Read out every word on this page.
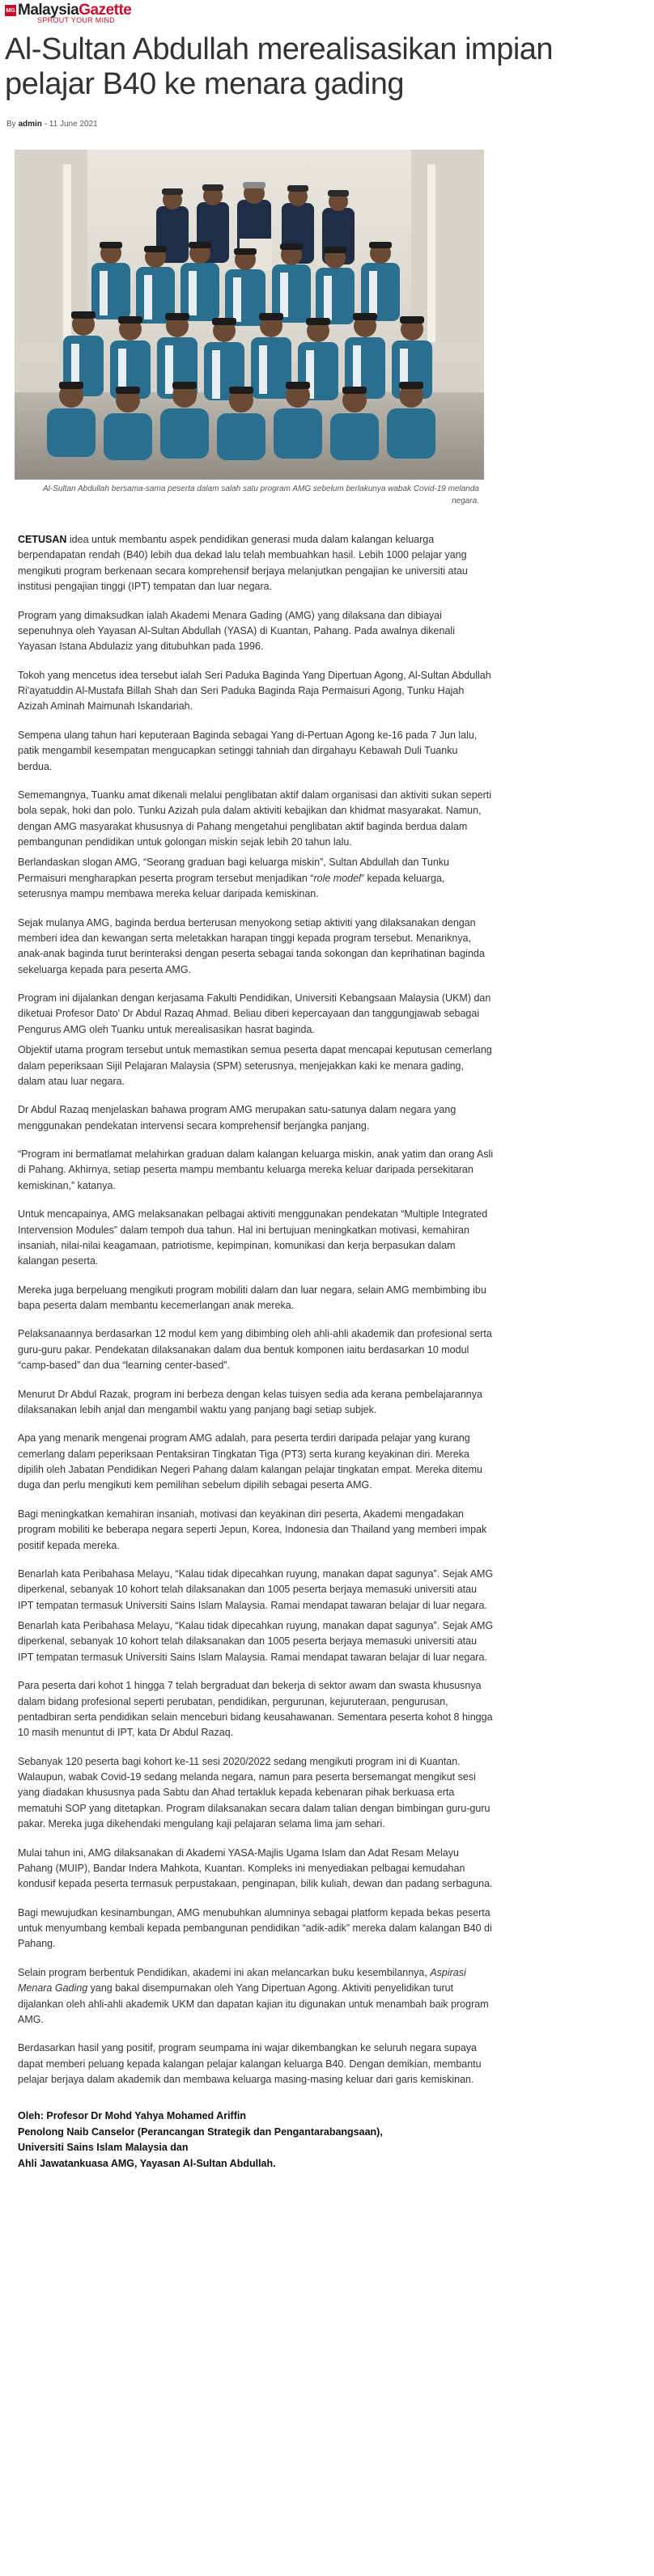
MG MalaysiaGazette
SPROUT YOUR MIND
Al-Sultan Abdullah merealisasikan impian pelajar B40 ke menara gading
By admin - 11 June 2021
Al-Sultan Abdullah bersama-sama peserta dalam salah satu program AMG sebelum berlakunya wabak Covid-19 melanda negara.

CETUSAN idea untuk membantu aspek pendidikan generasi muda dalam kalangan keluarga berpendapatan rendah (B40) lebih dua dekad lalu telah membuahkan hasil. Lebih 1000 pelajar yang mengikuti program berkenaan secara komprehensif berjaya melanjutkan pengajian ke universiti atau institusi pengajian tinggi (IPT) tempatan dan luar negara.

Program yang dimaksudkan ialah Akademi Menara Gading (AMG) yang dilaksana dan dibiayai sepenuhnya oleh Yayasan Al-Sultan Abdullah (YASA) di Kuantan, Pahang. Pada awalnya dikenali Yayasan Istana Abdulaziz yang ditubuhkan pada 1996.

Tokoh yang mencetus idea tersebut ialah Seri Paduka Baginda Yang Dipertuan Agong, Al-Sultan Abdullah Ri'ayatuddin Al-Mustafa Billah Shah dan Seri Paduka Baginda Raja Permaisuri Agong, Tunku Hajah Azizah Aminah Maimunah Iskandariah.

Sempena ulang tahun hari keputeraan Baginda sebagai Yang di-Pertuan Agong ke-16 pada 7 Jun lalu, patik mengambil kesempatan mengucapkan setinggi tahniah dan dirgahayu Kebawah Duli Tuanku berdua.

Sememangnya, Tuanku amat dikenali melalui penglibatan aktif dalam organisasi dan aktiviti sukan seperti bola sepak, hoki dan polo. Tunku Azizah pula dalam aktiviti kebajikan dan khidmat masyarakat. Namun, dengan AMG masyarakat khususnya di Pahang mengetahui penglibatan aktif baginda berdua dalam pembangunan pendidikan untuk golongan miskin sejak lebih 20 tahun lalu.

Berlandaskan slogan AMG, “Seorang graduan bagi keluarga miskin”, Sultan Abdullah dan Tunku Permaisuri mengharapkan peserta program tersebut menjadikan “role model” kepada keluarga, seterusnya mampu membawa mereka keluar daripada kemiskinan.

Sejak mulanya AMG, baginda berdua berterusan menyokong setiap aktiviti yang dilaksanakan dengan memberi idea dan kewangan serta meletakkan harapan tinggi kepada program tersebut. Menariknya, anak-anak baginda turut berinteraksi dengan peserta sebagai tanda sokongan dan keprihatinan baginda sekeluarga kepada para peserta AMG.

Program ini dijalankan dengan kerjasama Fakulti Pendidikan, Universiti Kebangsaan Malaysia (UKM) dan diketuai Profesor Dato' Dr Abdul Razaq Ahmad. Beliau diberi kepercayaan dan tanggungjawab sebagai Pengurus AMG oleh Tuanku untuk merealisasikan hasrat baginda.

Objektif utama program tersebut untuk memastikan semua peserta dapat mencapai keputusan cemerlang dalam peperiksaan Sijil Pelajaran Malaysia (SPM) seterusnya, menjejakkan kaki ke menara gading, dalam atau luar negara.

Dr Abdul Razaq menjelaskan bahawa program AMG merupakan satu-satunya dalam negara yang menggunakan pendekatan intervensi secara komprehensif berjangka panjang.

“Program ini bermatlamat melahirkan graduan dalam kalangan keluarga miskin, anak yatim dan orang Asli di Pahang. Akhirnya, setiap peserta mampu membantu keluarga mereka keluar daripada persekitaran kemiskinan,” katanya.

Untuk mencapainya, AMG melaksanakan pelbagai aktiviti menggunakan pendekatan “Multiple Integrated Intervension Modules” dalam tempoh dua tahun. Hal ini bertujuan meningkatkan motivasi, kemahiran insaniah, nilai-nilai keagamaan, patriotisme, kepimpinan, komunikasi dan kerja berpasukan dalam kalangan peserta.

Mereka juga berpeluang mengikuti program mobiliti dalam dan luar negara, selain AMG membimbing ibu bapa peserta dalam membantu kecemerlangan anak mereka.

Pelaksanaannya berdasarkan 12 modul kem yang dibimbing oleh ahli-ahli akademik dan profesional serta guru-guru pakar. Pendekatan dilaksanakan dalam dua bentuk komponen iaitu berdasarkan 10 modul “camp-based” dan dua “learning center-based”.

Menurut Dr Abdul Razak, program ini berbeza dengan kelas tuisyen sedia ada kerana pembelajarannya dilaksanakan lebih anjal dan mengambil waktu yang panjang bagi setiap subjek.

Apa yang menarik mengenai program AMG adalah, para peserta terdiri daripada pelajar yang kurang cemerlang dalam peperiksaan Pentaksiran Tingkatan Tiga (PT3) serta kurang keyakinan diri. Mereka dipilih oleh Jabatan Pendidikan Negeri Pahang dalam kalangan pelajar tingkatan empat. Mereka ditemu duga dan perlu mengikuti kem pemilihan sebelum dipilih sebagai peserta AMG.

Bagi meningkatkan kemahiran insaniah, motivasi dan keyakinan diri peserta, Akademi mengadakan program mobiliti ke beberapa negara seperti Jepun, Korea, Indonesia dan Thailand yang memberi impak positif kepada mereka.

Benarlah kata Peribahasa Melayu, “Kalau tidak dipecahkan ruyung, manakan dapat sagunya”. Sejak AMG diperkenal, sebanyak 10 kohort telah dilaksanakan dan 1005 peserta berjaya memasuki universiti atau IPT tempatan termasuk Universiti Sains Islam Malaysia. Ramai mendapat tawaran belajar di luar negara.

Benarlah kata Peribahasa Melayu, “Kalau tidak dipecahkan ruyung, manakan dapat sagunya”. Sejak AMG diperkenal, sebanyak 10 kohort telah dilaksanakan dan 1005 peserta berjaya memasuki universiti atau IPT tempatan termasuk Universiti Sains Islam Malaysia. Ramai mendapat tawaran belajar di luar negara.

Para peserta dari kohot 1 hingga 7 telah bergraduat dan bekerja di sektor awam dan swasta khususnya dalam bidang profesional seperti perubatan, pendidikan, pergurunan, kejuruteraan, pengurusan, pentadbiran serta pendidikan selain menceburi bidang keusahawanan. Sementara peserta kohot 8 hingga 10 masih menuntut di IPT, kata Dr Abdul Razaq.

Sebanyak 120 peserta bagi kohort ke-11 sesi 2020/2022 sedang mengikuti program ini di Kuantan. Walaupun, wabak Covid-19 sedang melanda negara, namun para peserta bersemangat mengikut sesi yang diadakan khususnya pada Sabtu dan Ahad tertakluk kepada kebenaran pihak berkuasa erta mematuhi SOP yang ditetapkan. Program dilaksanakan secara dalam talian dengan bimbingan guru-guru pakar. Mereka juga dikehendaki mengulang kaji pelajaran selama lima jam sehari.

Mulai tahun ini, AMG dilaksanakan di Akademi YASA-Majlis Ugama Islam dan Adat Resam Melayu Pahang (MUIP), Bandar Indera Mahkota, Kuantan. Kompleks ini menyediakan pelbagai kemudahan kondusif kepada peserta termasuk perpustakaan, penginapan, bilik kuliah, dewan dan padang serbaguna.

Bagi mewujudkan kesinambungan, AMG menubuhkan alumninya sebagai platform kepada bekas peserta untuk menyumbang kembali kepada pembangunan pendidikan “adik-adik” mereka dalam kalangan B40 di Pahang.

Selain program berbentuk Pendidikan, akademi ini akan melancarkan buku kesembilannya, Aspirasi Menara Gading yang bakal disempurnakan oleh Yang Dipertuan Agong. Aktiviti penyelidikan turut dijalankan oleh ahli-ahli akademik UKM dan dapatan kajian itu digunakan untuk menambah baik program AMG.

Berdasarkan hasil yang positif, program seumpama ini wajar dikembangkan ke seluruh negara supaya dapat memberi peluang kepada kalangan pelajar kalangan keluarga B40. Dengan demikian, membantu pelajar berjaya dalam akademik dan membawa keluarga masing-masing keluar dari garis kemiskinan.

Oleh: Profesor Dr Mohd Yahya Mohamed Ariffin
Penolong Naib Canselor (Perancangan Strategik dan Pengantarabangsaan),
Universiti Sains Islam Malaysia dan
Ahli Jawatankuasa AMG, Yayasan Al-Sultan Abdullah.
